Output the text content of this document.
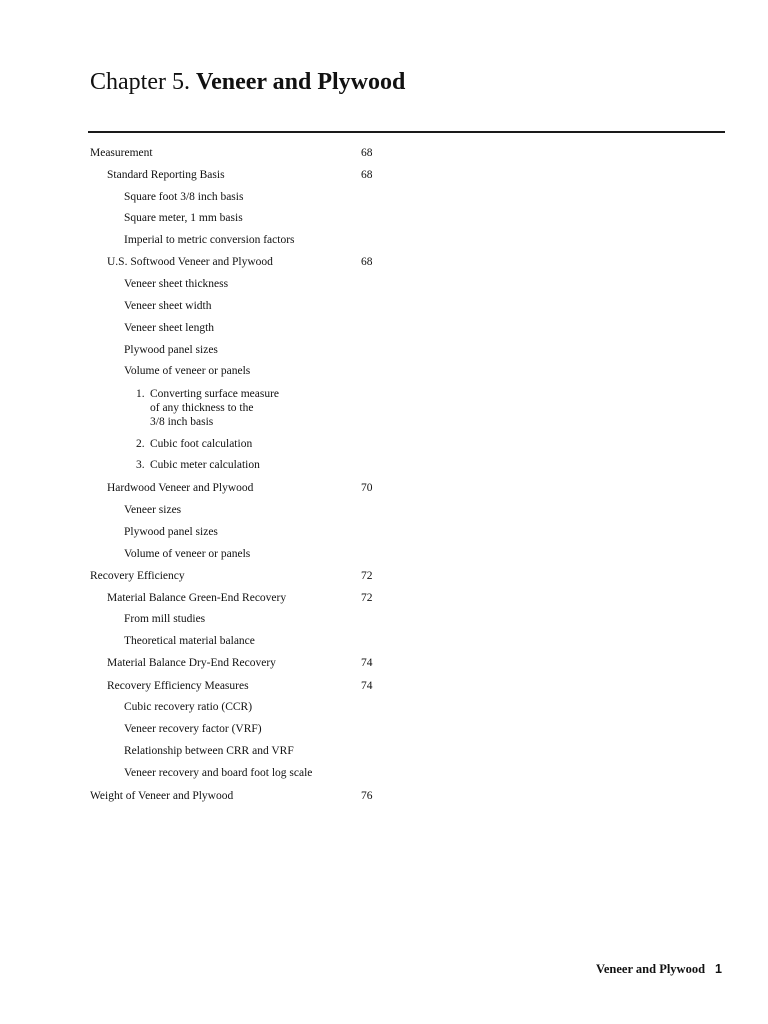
Chapter 5. Veneer and Plywood
Measurement	68
Standard Reporting Basis	68
Square foot 3/8 inch basis
Square meter, 1 mm basis
Imperial to metric conversion factors
U.S. Softwood Veneer and Plywood	68
Veneer sheet thickness
Veneer sheet width
Veneer sheet length
Plywood panel sizes
Volume of veneer or panels
1. Converting surface measure
of any thickness to the
3/8 inch basis
2. Cubic foot calculation
3. Cubic meter calculation
Hardwood Veneer and Plywood	70
Veneer sizes
Plywood panel sizes
Volume of veneer or panels
Recovery Efficiency	72
Material Balance Green-End Recovery	72
From mill studies
Theoretical material balance
Material Balance Dry-End Recovery	74
Recovery Efficiency Measures	74
Cubic recovery ratio (CCR)
Veneer recovery factor (VRF)
Relationship between CRR and VRF
Veneer recovery and board foot log scale
Weight of Veneer and Plywood	76
Veneer and Plywood 1
